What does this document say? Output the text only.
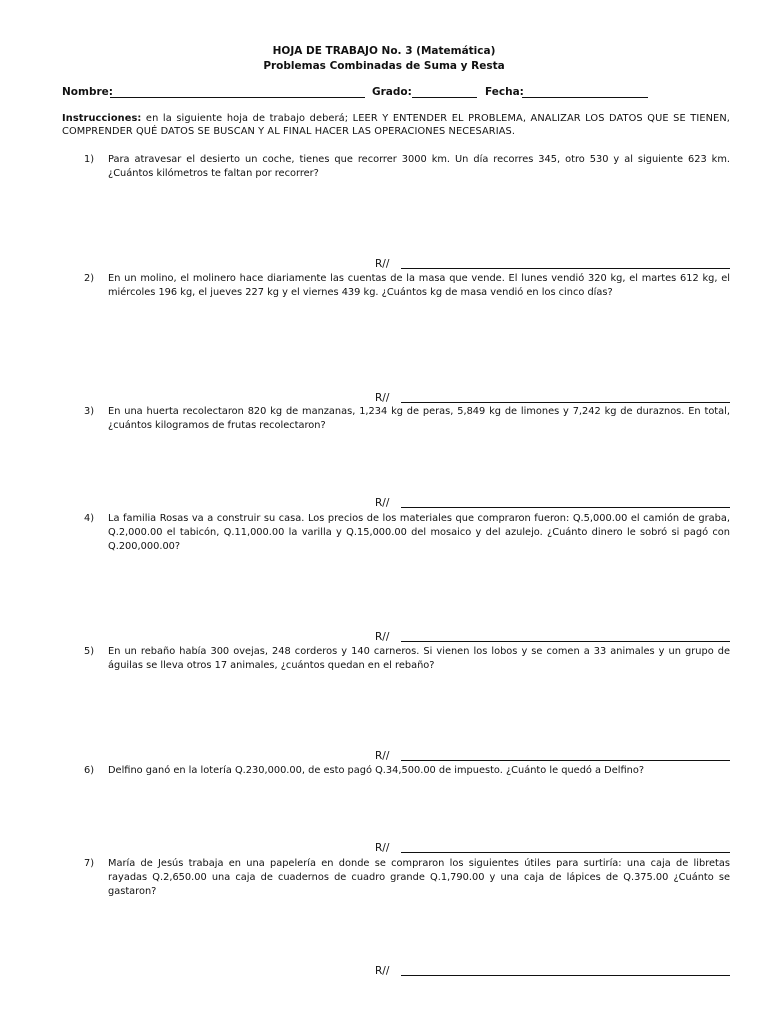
HOJA DE TRABAJO No. 3 (Matemática)
Problemas Combinadas de Suma y Resta
Nombre:	Grado:	Fecha:
Instrucciones: en la siguiente hoja de trabajo deberá; LEER Y ENTENDER EL PROBLEMA, ANALIZAR LOS DATOS QUE SE TIENEN, COMPRENDER QUÉ DATOS SE BUSCAN Y AL FINAL HACER LAS OPERACIONES NECESARIAS.
1)	Para atravesar el desierto un coche, tienes que recorrer 3000 km. Un día recorres 345, otro 530 y al siguiente 623 km. ¿Cuántos kilómetros te faltan por recorrer?
R//
2)	En un molino, el molinero hace diariamente las cuentas de la masa que vende. El lunes vendió 320 kg, el martes 612 kg, el miércoles 196 kg, el jueves 227 kg y el viernes 439 kg. ¿Cuántos kg de masa vendió en los cinco días?
R//
3)	En una huerta recolectaron 820 kg de manzanas, 1,234 kg de peras, 5,849 kg de limones y 7,242 kg de duraznos. En total, ¿cuántos kilogramos de frutas recolectaron?
R//
4)	La familia Rosas va a construir su casa. Los precios de los materiales que compraron fueron: Q.5,000.00 el camión de graba, Q.2,000.00 el tabicón, Q.11,000.00 la varilla y Q.15,000.00 del mosaico y del azulejo. ¿Cuánto dinero le sobró si pagó con Q.200,000.00?
R//
5)	En un rebaño había 300 ovejas, 248 corderos y 140 carneros. Si vienen los lobos y se comen a 33 animales y un grupo de águilas se lleva otros 17 animales, ¿cuántos quedan en el rebaño?
R//
6)	Delfino ganó en la lotería Q.230,000.00, de esto pagó Q.34,500.00 de impuesto. ¿Cuánto le quedó a Delfino?
R//
7)	María de Jesús trabaja en una papelería en donde se compraron los siguientes útiles para surtiría: una caja de libretas rayadas Q.2,650.00 una caja de cuadernos de cuadro grande Q.1,790.00 y una caja de lápices de Q.375.00 ¿Cuánto se gastaron?
R//
